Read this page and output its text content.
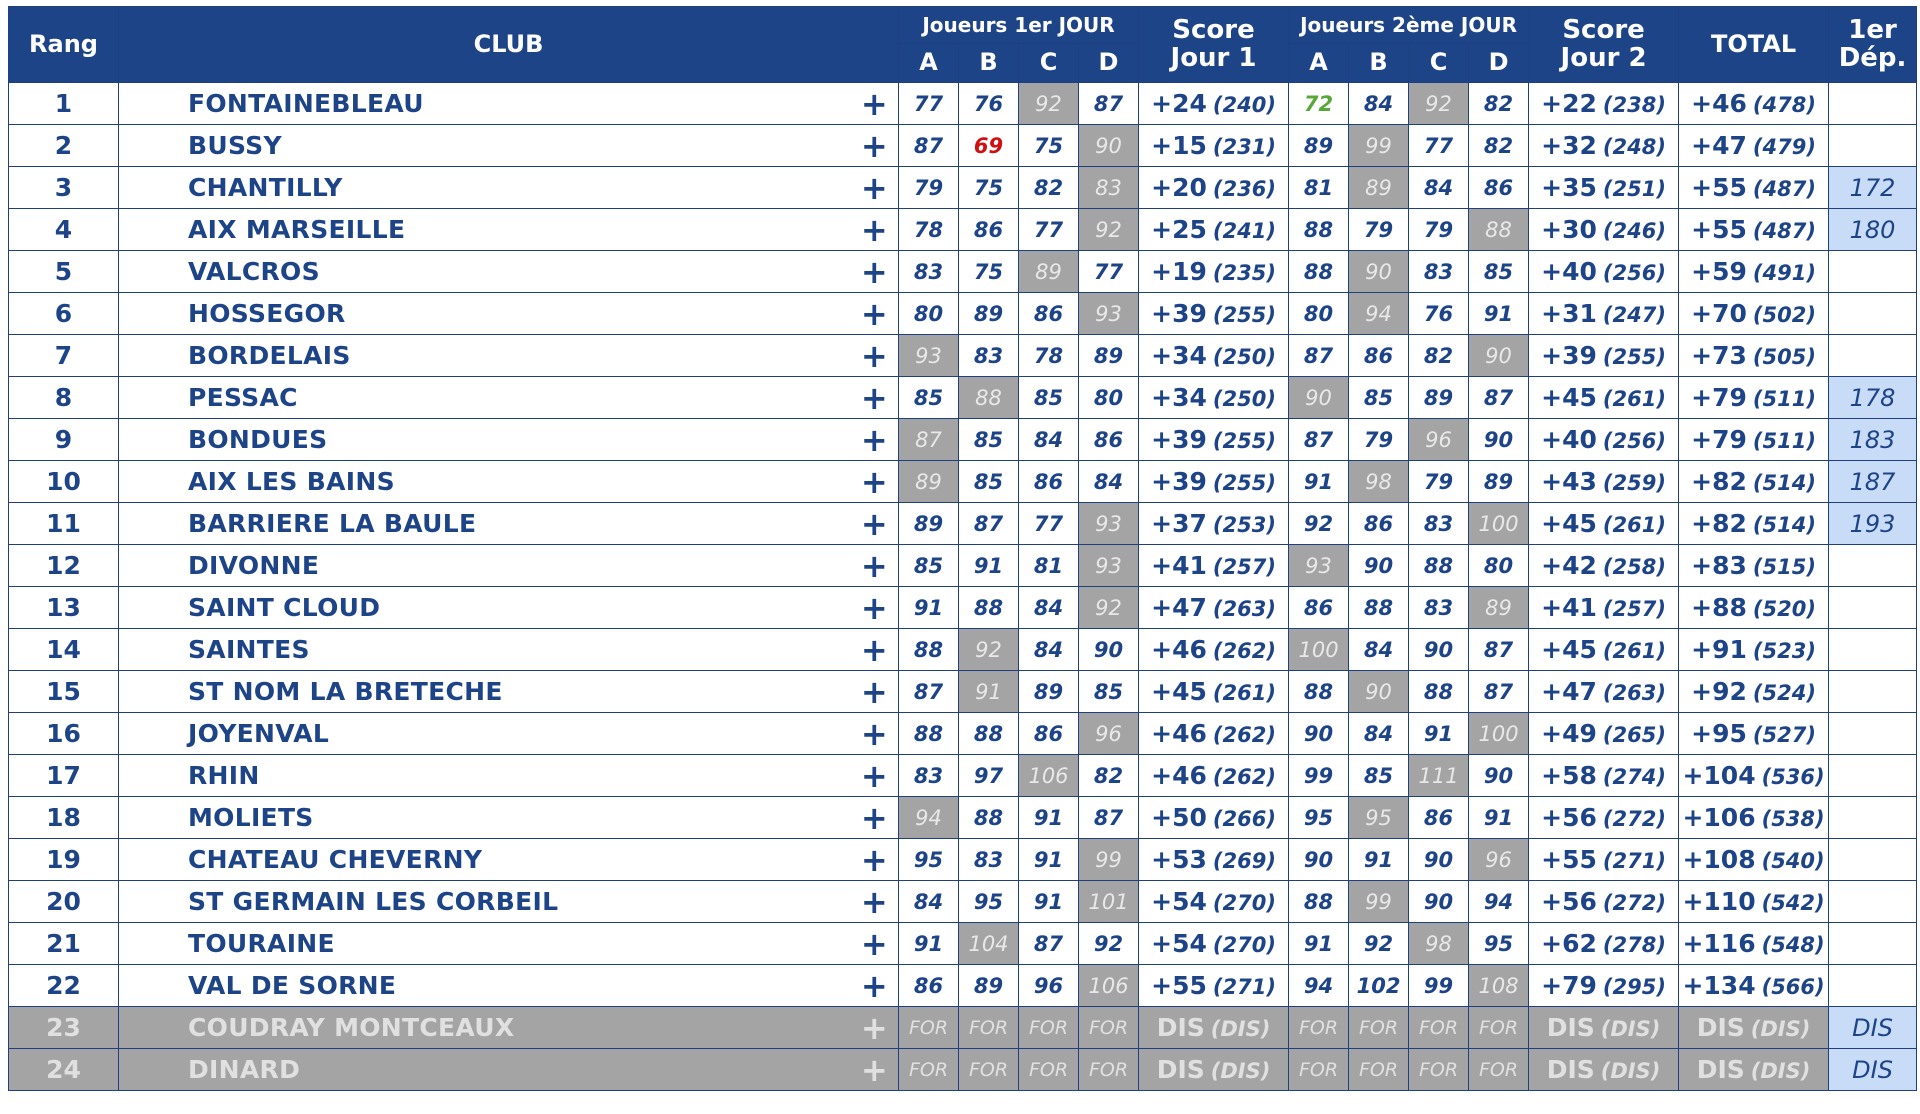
Rang	CLUB	Joueurs 1er JOUR				Score
Jour 1	Joueurs 2ème JOUR				Score
Jour 2	TOTAL	1er
Dép.
		A	B	C	D		A	B	C	D			
1	FONTAINEBLEAU +	77	76	92	87	+24 (240)	72	84	92	82	+22 (238)	+46 (478)	
2	BUSSY +	87	69	75	90	+15 (231)	89	99	77	82	+32 (248)	+47 (479)	
3	CHANTILLY +	79	75	82	83	+20 (236)	81	89	84	86	+35 (251)	+55 (487)	172
4	AIX MARSEILLE +	78	86	77	92	+25 (241)	88	79	79	88	+30 (246)	+55 (487)	180
5	VALCROS +	83	75	89	77	+19 (235)	88	90	83	85	+40 (256)	+59 (491)	
6	HOSSEGOR +	80	89	86	93	+39 (255)	80	94	76	91	+31 (247)	+70 (502)	
7	BORDELAIS +	93	83	78	89	+34 (250)	87	86	82	90	+39 (255)	+73 (505)	
8	PESSAC +	85	88	85	80	+34 (250)	90	85	89	87	+45 (261)	+79 (511)	178
9	BONDUES +	87	85	84	86	+39 (255)	87	79	96	90	+40 (256)	+79 (511)	183
10	AIX LES BAINS +	89	85	86	84	+39 (255)	91	98	79	89	+43 (259)	+82 (514)	187
11	BARRIERE LA BAULE +	89	87	77	93	+37 (253)	92	86	83	100	+45 (261)	+82 (514)	193
12	DIVONNE +	85	91	81	93	+41 (257)	93	90	88	80	+42 (258)	+83 (515)	
13	SAINT CLOUD +	91	88	84	92	+47 (263)	86	88	83	89	+41 (257)	+88 (520)	
14	SAINTES +	88	92	84	90	+46 (262)	100	84	90	87	+45 (261)	+91 (523)	
15	ST NOM LA BRETECHE +	87	91	89	85	+45 (261)	88	90	88	87	+47 (263)	+92 (524)	
16	JOYENVAL +	88	88	86	96	+46 (262)	90	84	91	100	+49 (265)	+95 (527)	
17	RHIN +	83	97	106	82	+46 (262)	99	85	111	90	+58 (274)	+104 (536)	
18	MOLIETS +	94	88	91	87	+50 (266)	95	95	86	91	+56 (272)	+106 (538)	
19	CHATEAU CHEVERNY +	95	83	91	99	+53 (269)	90	91	90	96	+55 (271)	+108 (540)	
20	ST GERMAIN LES CORBEIL +	84	95	91	101	+54 (270)	88	99	90	94	+56 (272)	+110 (542)	
21	TOURAINE +	91	104	87	92	+54 (270)	91	92	98	95	+62 (278)	+116 (548)	
22	VAL DE SORNE +	86	89	96	106	+55 (271)	94	102	99	108	+79 (295)	+134 (566)	
23	COUDRAY MONTCEAUX +	FOR	FOR	FOR	FOR	DIS (DIS)	FOR	FOR	FOR	FOR	DIS (DIS)	DIS (DIS)	DIS
24	DINARD +	FOR	FOR	FOR	FOR	DIS (DIS)	FOR	FOR	FOR	FOR	DIS (DIS)	DIS (DIS)	DIS
